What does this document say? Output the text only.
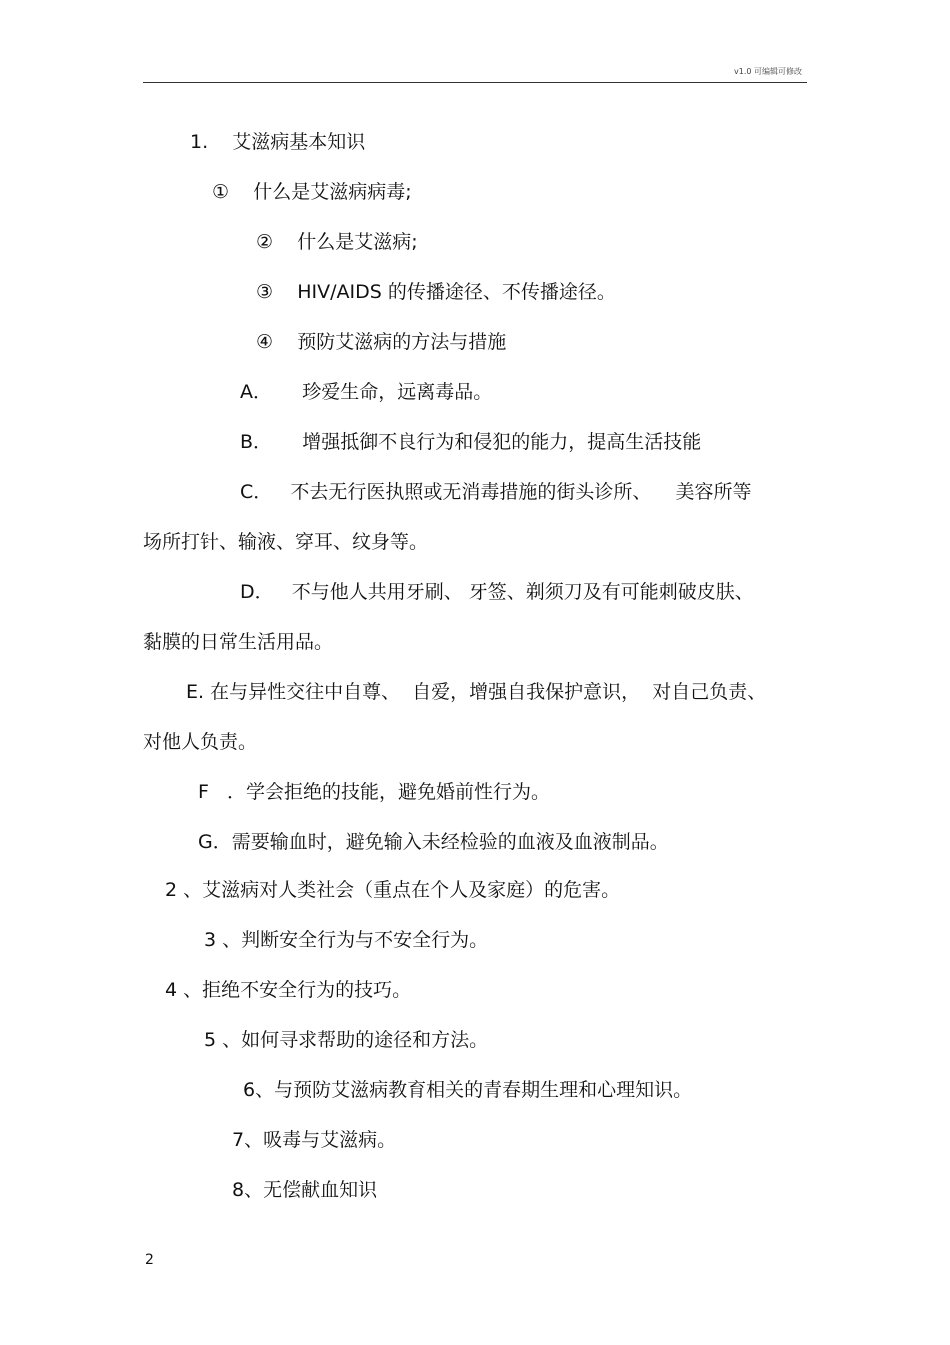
v1.0 可编辑可修改
1.    艾滋病基本知识
①    什么是艾滋病病毒;
②    什么是艾滋病;
③    HIV/AIDS 的传播途径、不传播途径。
④    预防艾滋病的方法与措施
A．     珍爱生命，远离毒品。
B．     增强抵御不良行为和侵犯的能力，提高生活技能
C．   不去无行医执照或无消毒措施的街头诊所、    美容所等
场所打针、输液、穿耳、纹身等。
D．   不与他人共用牙刷、 牙签、剃须刀及有可能刺破皮肤、
黏膜的日常生活用品。
E. 在与异性交往中自尊、  自爱，增强自我保护意识，  对自己负责、
对他人负责。
F   ．学会拒绝的技能，避免婚前性行为。
G．需要输血时，避免输入未经检验的血液及血液制品。
2 、艾滋病对人类社会（重点在个人及家庭）的危害。
3 、判断安全行为与不安全行为。
4 、拒绝不安全行为的技巧。
5 、如何寻求帮助的途径和方法。
6、与预防艾滋病教育相关的青春期生理和心理知识。
7、吸毒与艾滋病。
8、无偿献血知识
2
